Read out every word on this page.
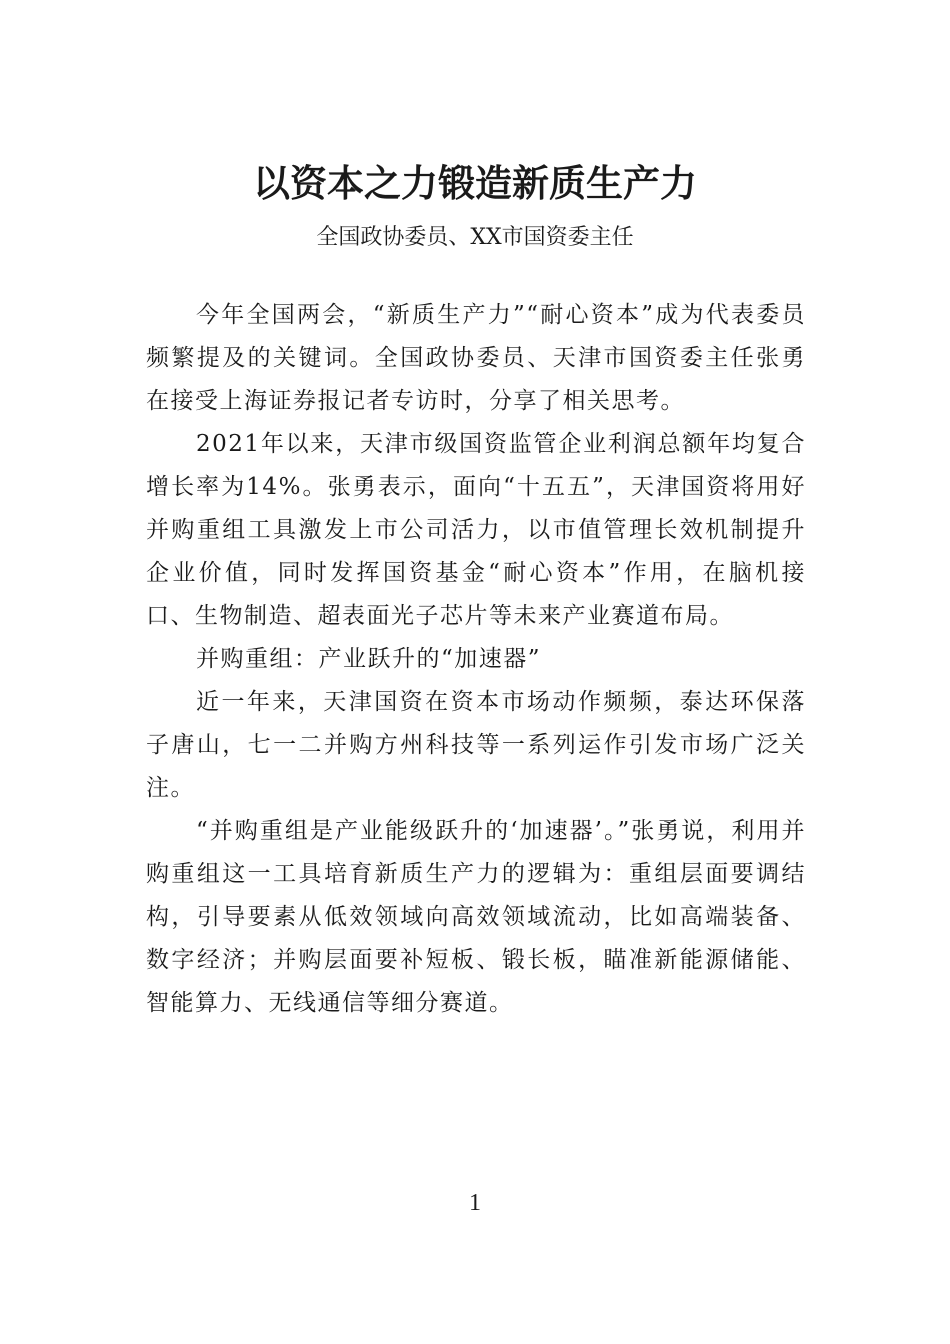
以资本之力锻造新质生产力
全国政协委员、XX市国资委主任

今年全国两会，“新质生产力”“耐心资本”成为代表委员频繁提及的关键词。全国政协委员、天津市国资委主任张勇在接受上海证券报记者专访时，分享了相关思考。

2021年以来，天津市级国资监管企业利润总额年均复合增长率为14%。张勇表示，面向“十五五”，天津国资将用好并购重组工具激发上市公司活力，以市值管理长效机制提升企业价值，同时发挥国资基金“耐心资本”作用，在脑机接口、生物制造、超表面光子芯片等未来产业赛道布局。

并购重组：产业跃升的“加速器”

近一年来，天津国资在资本市场动作频频，泰达环保落子唐山，七一二并购方州科技等一系列运作引发市场广泛关注。

“并购重组是产业能级跃升的‘加速器’。”张勇说，利用并购重组这一工具培育新质生产力的逻辑为：重组层面要调结构，引导要素从低效领域向高效领域流动，比如高端装备、数字经济；并购层面要补短板、锻长板，瞄准新能源储能、智能算力、无线通信等细分赛道。

1
